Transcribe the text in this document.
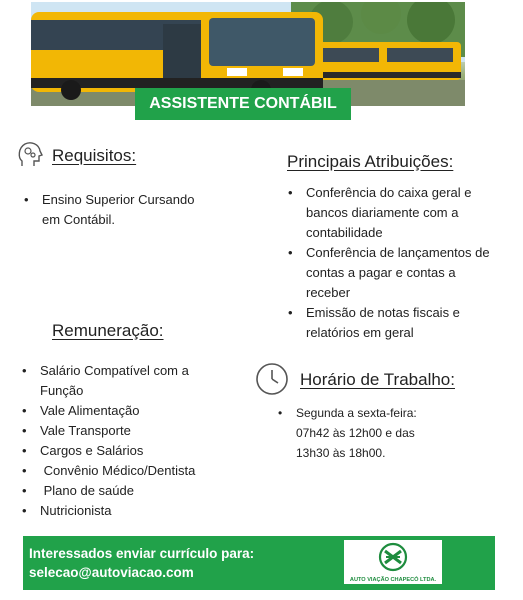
ASSISTENTE CONTÁBIL
Requisitos:
• Ensino Superior Cursando
em Contábil.
Principais Atribuições:
• Conferência do caixa geral e
bancos diariamente com a
contabilidade
• Conferência de lançamentos de
contas a pagar e contas a
receber
• Emissão de notas fiscais e
relatórios em geral
Remuneração:
• Salário Compatível com a
Função
• Vale Alimentação
• Vale Transporte
• Cargos e Salários
•  Convênio Médico/Dentista
•  Plano de saúde
• Nutricionista
Horário de Trabalho:
• Segunda a sexta-feira:
07h42 às 12h00 e das
13h30 às 18h00.
Interessados enviar currículo para:
selecao@autoviacao.com	AUTO VIAÇÃO CHAPECÓ LTDA.
